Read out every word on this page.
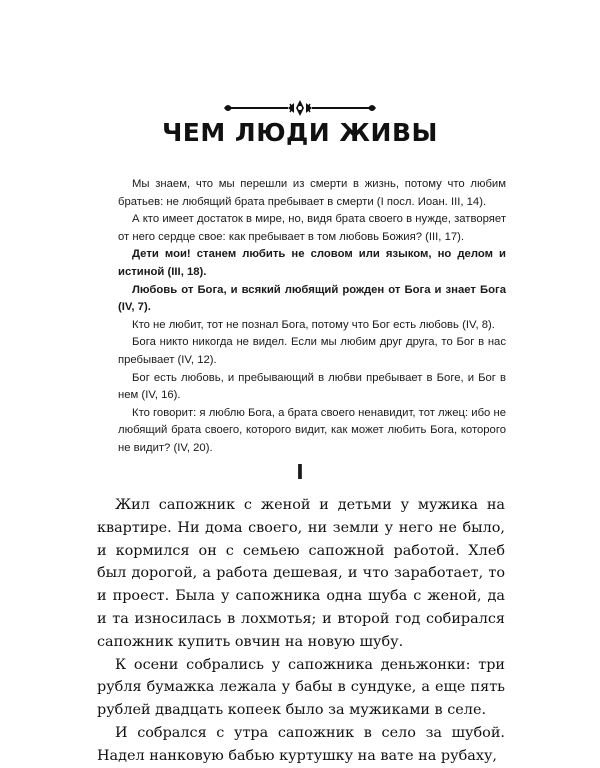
ЧЕМ ЛЮДИ ЖИВЫ

Мы знаем, что мы перешли из смерти в жизнь, потому что любим братьев: не любящий брата пребывает в смерти (I посл. Иоан. III, 14).

А кто имеет достаток в мире, но, видя брата своего в нужде, затворяет от него сердце свое: как пребывает в том любовь Божия? (III, 17).

Дети мои! станем любить не словом или языком, но делом и истиной (III, 18).

Любовь от Бога, и всякий любящий рожден от Бога и знает Бога (IV, 7).

Кто не любит, тот не познал Бога, потому что Бог есть любовь (IV, 8).

Бога никто никогда не видел. Если мы любим друг друга, то Бог в нас пребывает (IV, 12).

Бог есть любовь, и пребывающий в любви пребывает в Боге, и Бог в нем (IV, 16).

Кто говорит: я люблю Бога, а брата своего ненавидит, тот лжец: ибо не любящий брата своего, которого видит, как может любить Бога, которого не видит? (IV, 20).

I

Жил сапожник с женой и детьми у мужика на квартире. Ни дома своего, ни земли у него не было, и кормился он с семьею сапожной работой. Хлеб был дорогой, а работа дешевая, и что заработает, то и проест. Была у сапожника одна шуба с женой, да и та износилась в лохмотья; и второй год собирался сапожник купить овчин на новую шубу.

К осени собрались у сапожника деньжонки: три рубля бумажка лежала у бабы в сундуке, а еще пять рублей двадцать копеек было за мужиками в селе.

И собрался с утра сапожник в село за шубой. Надел нанковую бабью куртушку на вате на рубаху,
